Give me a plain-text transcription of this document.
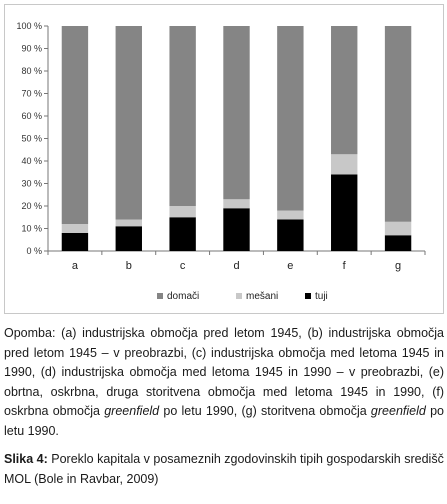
0 %
10 %
20 %
30 %
40 %
50 %
60 %
70 %
80 %
90 %
100 %
a	b	c	d	e	f	g
domači	mešani	tuji

Opomba: (a) industrijska območja pred letom 1945, (b) industrijska območja pred letom 1945 – v preobrazbi, (c) industrijska območja med letoma 1945 in 1990, (d) industrijska območja med letoma 1945 in 1990 – v preobrazbi, (e) obrtna, oskrbna, druga storitvena območja med letoma 1945 in 1990, (f) oskrbna območja greenfield po letu 1990, (g) storitvena območja greenfield po letu 1990.

Slika 4: Poreklo kapitala v posameznih zgodovinskih tipih gospodarskih središč MOL (Bole in Ravbar, 2009)
